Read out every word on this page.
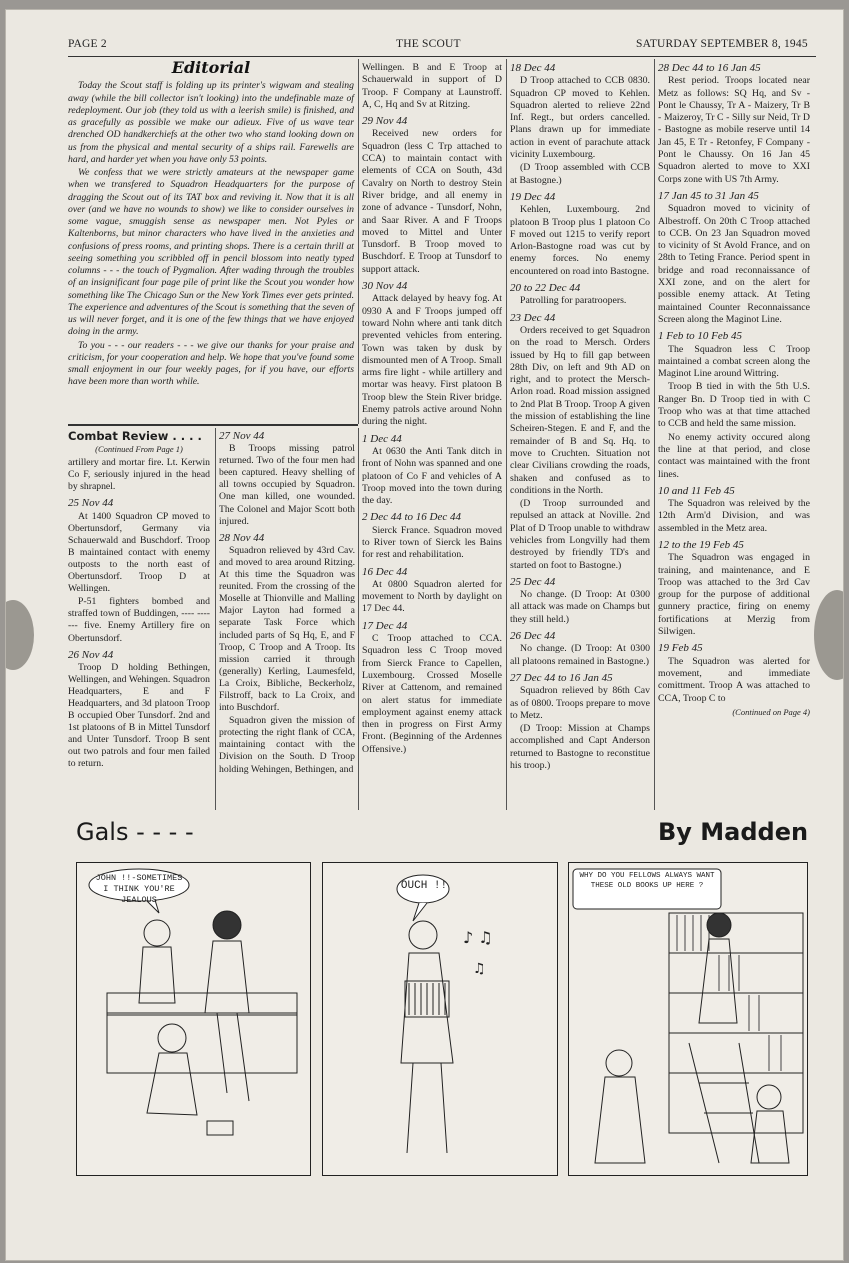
PAGE 2	THE SCOUT	SATURDAY SEPTEMBER 8, 1945
Editorial

Today the Scout staff is folding up its printer's wigwam and stealing away (while the bill collector isn't looking) into the undefinable maze of redeployment. Our job (they told us with a leerish smile) is finished, and as gracefully as possible we make our adieux. Five of us wave tear drenched OD handkerchiefs at the other two who stand looking down on us from the physical and mental security of a ships rail. Farewells are hard, and harder yet when you have only 53 points.

We confess that we were strictly amateurs at the newspaper game when we transfered to Squadron Headquarters for the purpose of dragging the Scout out of its TAT box and reviving it. Now that it is all over (and we have no wounds to show) we like to consider ourselves in some vague, smuggish sense as newspaper men. Not Pyles or Kaltenborns, but minor characters who have lived in the anxieties and confusions of press rooms, and printing shops. There is a certain thrill at seeing something you scribbled off in pencil blossom into neatly typed columns - - - the touch of Pygmalion. After wading through the troubles of an insignificant four page pile of print like the Scout you wonder how something like The Chicago Sun or the New York Times ever gets printed. The experience and adventures of the Scout is something that the seven of us will never forget, and it is one of the few things that we have enjoyed doing in the army.

To you - - - our readers - - - we give our thanks for your praise and criticism, for your cooperation and help. We hope that you've found some small enjoyment in our four weekly pages, for if you have, our efforts have been more than worth while.

Combat Review . . . .
(Continued From Page 1)

artillery and mortar fire. Lt. Kerwin Co F, seriously injured in the head by shrapnel.

25 Nov 44

At 1400 Squadron CP moved to Obertunsdorf, Germany via Schauerwald and Buschdorf. Troop B maintained contact with enemy outposts to the north east of Obertunsdorf. Troop D at Wellingen.

P-51 fighters bombed and straffed town of Buddingen, ---- ---- --- five. Enemy Artillery fire on Obertunsdorf.

26 Nov 44

Troop D holding Bethingen, Wellingen, and Wehingen. Squadron Headquarters, E and F Headquarters, and 3d platoon Troop B occupied Ober Tunsdorf. 2nd and 1st platoons of B in Mittel Tunsdorf and Unter Tunsdorf. Troop B sent out two patrols and four men failed to return.

27 Nov 44

B Troops missing patrol returned. Two of the four men had been captured. Heavy shelling of all towns occupied by Squadron. One man killed, one wounded. The Colonel and Major Scott both injured.

28 Nov 44

Squadron relieved by 43rd Cav. and moved to area around Ritzing. At this time the Squadron was reunited. From the crossing of the Moselle at Thionville and Malling Major Layton had formed a separate Task Force which included parts of Sq Hq, E, and F Troop, C Troop and A Troop. Its mission carried it through (generally) Kerling, Laumesfeld, La Croix, Bibliche, Beckerholz, Filstroff, back to La Croix, and into Buschdorf.

Squadron given the mission of protecting the right flank of CCA, maintaining contact with the Division on the South. D Troop holding Wehingen, Bethingen, and

Wellingen. B and E Troop at Schauerwald in support of D Troop. F Company at Launstroff. A, C, Hq and Sv at Ritzing.

29 Nov 44

Received new orders for Squadron (less C Trp attached to CCA) to maintain contact with elements of CCA on South, 43d Cavalry on North to destroy Stein River bridge, and all enemy in zone of advance - Tunsdorf, Nohn, and Saar River. A and F Troops moved to Mittel and Unter Tunsdorf. B Troop moved to Buschdorf. E Troop at Tunsdorf to support attack.

30 Nov 44

Attack delayed by heavy fog. At 0930 A and F Troops jumped off toward Nohn where anti tank ditch prevented vehicles from entering. Town was taken by dusk by dismounted men of A Troop. Small arms fire light - while artillery and mortar was heavy. First platoon B Troop blew the Stein River bridge. Enemy patrols active around Nohn during the night.

1 Dec 44

At 0630 the Anti Tank ditch in front of Nohn was spanned and one platoon of Co F and vehicles of A Troop moved into the town during the day.

2 Dec 44 to 16 Dec 44

Sierck France. Squadron moved to River town of Sierck les Bains for rest and rehabilitation.

16 Dec 44

At 0800 Squadron alerted for movement to North by daylight on 17 Dec 44.

17 Dec 44

C Troop attached to CCA. Squadron less C Troop moved from Sierck France to Capellen, Luxembourg. Crossed Moselle River at Cattenom, and remained on alert status for immediate employment against enemy attack then in progress on First Army Front. (Beginning of the Ardennes Offensive.)

18 Dec 44

D Troop attached to CCB 0830. Squadron CP moved to Kehlen. Squadron alerted to relieve 22nd Inf. Regt., but orders cancelled. Plans drawn up for immediate action in event of parachute attack vicinity Luxembourg.

(D Troop assembled with CCB at Bastogne.)

19 Dec 44

Kehlen, Luxembourg. 2nd platoon B Troop plus 1 platoon Co F moved out 1215 to verify report Arlon-Bastogne road was cut by enemy forces. No enemy encountered on road into Bastogne.

20 to 22 Dec 44

Patrolling for paratroopers.

23 Dec 44

Orders received to get Squadron on the road to Mersch. Orders issued by Hq to fill gap between 28th Div, on left and 9th AD on right, and to protect the Mersch-Arlon road. Road mission assigned to 2nd Plat B Troop. Troop A given the mission of establishing the line Scheiren-Stegen. E and F, and the remainder of B and Sq. Hq. to move to Cruchten. Situation not clear Civilians crowding the roads, shaken and confused as to conditions in the North.

(D Troop surrounded and repulsed an attack at Noville. 2nd Plat of D Troop unable to withdraw vehicles from Longvilly had them destroyed by friendly TD's and started on foot to Bastogne.)

25 Dec 44

No change. (D Troop: At 0300 all attack was made on Champs but they still held.)

26 Dec 44

No change. (D Troop: At 0300 all platoons remained in Bastogne.)

27 Dec 44 to 16 Jan 45

Squadron relieved by 86th Cav as of 0800. Troops prepare to move to Metz.

(D Troop: Mission at Champs accomplished and Capt Anderson returned to Bastogne to reconstitue his troop.)

28 Dec 44 to 16 Jan 45

Rest period. Troops located near Metz as follows: SQ Hq, and Sv - Pont le Chaussy, Tr A - Maizery, Tr B - Maizeroy, Tr C - Silly sur Neid, Tr D - Bastogne as mobile reserve until 14 Jan 45, E Tr - Retonfey, F Company - Pont le Chaussy. On 16 Jan 45 Squadron alerted to move to XXI Corps zone with US 7th Army.

17 Jan 45 to 31 Jan 45

Squadron moved to vicinity of Albestroff. On 20th C Troop attached to CCB. On 23 Jan Squadron moved to vicinity of St Avold France, and on 28th to Teting France. Period spent in bridge and road reconnaissance of XXI zone, and on the alert for possible enemy attack. At Teting maintained Counter Reconnaissance Screen along the Maginot Line.

1 Feb to 10 Feb 45

The Squadron less C Troop maintained a combat screen along the Maginot Line around Wittring.

Troop B tied in with the 5th U.S. Ranger Bn. D Troop tied in with C Troop who was at that time attached to CCB and held the same mission.

No enemy activity occured along the line at that period, and close contact was maintained with the front lines.

10 and 11 Feb 45

The Squadron was releived by the 12th Arm'd Division, and was assembled in the Metz area.

12 to the 19 Feb 45

The Squadron was engaged in training, and maintenance, and E Troop was attached to the 3rd Cav group for the purpose of additional gunnery practice, firing on enemy fortifications at Merzig from Silwigen.

19 Feb 45

The Squadron was alerted for movement, and immediate comittment. Troop A was attached to CCA, Troop C to

(Continued on Page 4)
Gals - - - -	By Madden
JOHN !!-SOMETIMES I THINK YOU'RE JEALOUS
♪ ♫
♫
OUCH !!
WHY DO YOU FELLOWS ALWAYS WANT THESE OLD BOOKS UP HERE ?
